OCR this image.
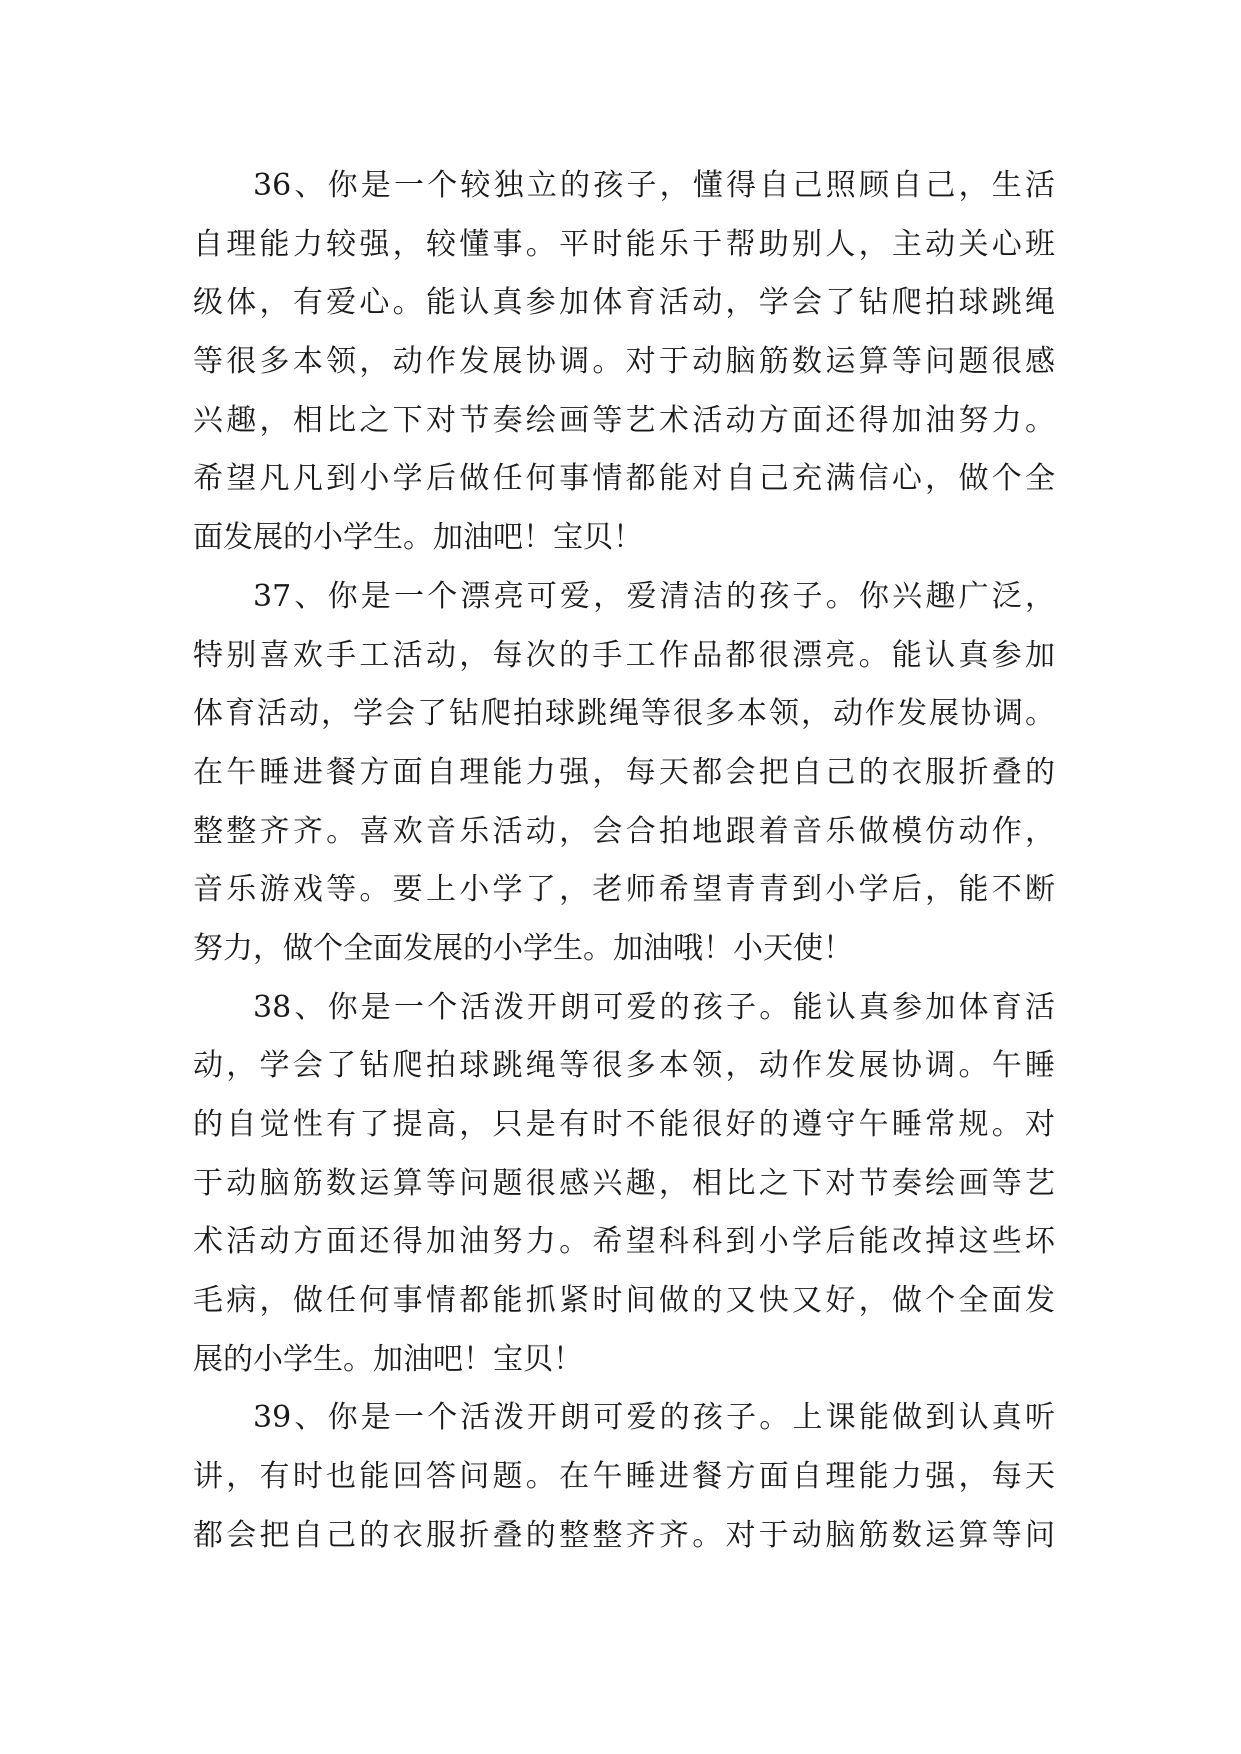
36、你是一个较独立的孩子，懂得自己照顾自己，生活
自理能力较强，较懂事。平时能乐于帮助别人，主动关心班
级体，有爱心。能认真参加体育活动，学会了钻爬拍球跳绳
等很多本领，动作发展协调。对于动脑筋数运算等问题很感
兴趣，相比之下对节奏绘画等艺术活动方面还得加油努力。
希望凡凡到小学后做任何事情都能对自己充满信心，做个全
面发展的小学生。加油吧！宝贝！
37、你是一个漂亮可爱，爱清洁的孩子。你兴趣广泛，
特别喜欢手工活动，每次的手工作品都很漂亮。能认真参加
体育活动，学会了钻爬拍球跳绳等很多本领，动作发展协调。
在午睡进餐方面自理能力强，每天都会把自己的衣服折叠的
整整齐齐。喜欢音乐活动，会合拍地跟着音乐做模仿动作，
音乐游戏等。要上小学了，老师希望青青到小学后，能不断
努力，做个全面发展的小学生。加油哦！小天使！
38、你是一个活泼开朗可爱的孩子。能认真参加体育活
动，学会了钻爬拍球跳绳等很多本领，动作发展协调。午睡
的自觉性有了提高，只是有时不能很好的遵守午睡常规。对
于动脑筋数运算等问题很感兴趣，相比之下对节奏绘画等艺
术活动方面还得加油努力。希望科科到小学后能改掉这些坏
毛病，做任何事情都能抓紧时间做的又快又好，做个全面发
展的小学生。加油吧！宝贝！
39、你是一个活泼开朗可爱的孩子。上课能做到认真听
讲，有时也能回答问题。在午睡进餐方面自理能力强，每天
都会把自己的衣服折叠的整整齐齐。对于动脑筋数运算等问
